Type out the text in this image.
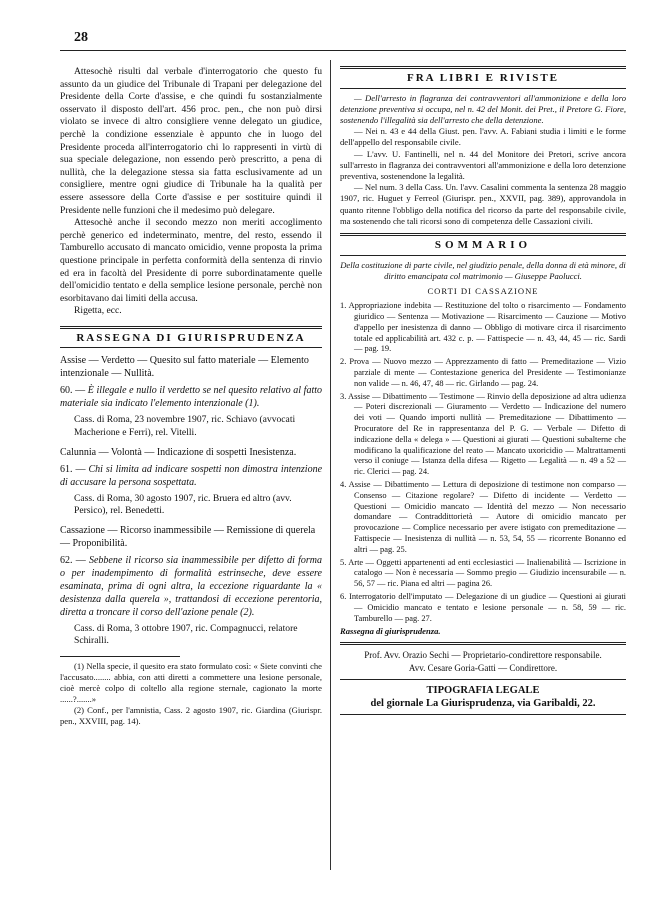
28

Attesochè risulti dal verbale d'interrogatorio che questo fu assunto da un giudice del Tribunale di Trapani per delegazione del Presidente della Corte d'assise, e che quindi fu sostanzialmente osservato il disposto dell'art. 456 proc. pen., che non può dirsi violato se invece di altro consigliere venne delegato un giudice, perchè la condizione essenziale è appunto che in luogo del Presidente proceda all'interrogatorio chi lo rappresenti in virtù di sua speciale delegazione, non essendo però prescritto, a pena di nullità, che la delegazione stessa sia fatta esclusivamente ad un consigliere, mentre ogni giudice di Tribunale ha la qualità per essere assessore della Corte d'assise e per sostituire quindi il Presidente nelle funzioni che il medesimo può delegare.

Attesochè anche il secondo mezzo non meriti accoglimento perchè generico ed indeterminato, mentre, del resto, essendo il Tamburello accusato di mancato omicidio, venne proposta la prima questione principale in perfetta conformità della sentenza di rinvio ed era in facoltà del Presidente di porre subordinatamente quelle dell'omicidio tentato e della semplice lesione personale, perchè non esorbitavano dai limiti della accusa.

Rigetta, ecc.

RASSEGNA DI GIURISPRUDENZA

Assise — Verdetto — Quesito sul fatto materiale — Elemento intenzionale — Nullità.

60. — È illegale e nullo il verdetto se nel quesito relativo al fatto materiale sia indicato l'elemento intenzionale (1).

Cass. di Roma, 23 novembre 1907, ric. Schiavo (avvocati Macherione e Ferri), rel. Vitelli.

Calunnia — Volontà — Indicazione di sospetti Inesistenza.

61. — Chi si limita ad indicare sospetti non dimostra intenzione di accusare la persona sospettata.

Cass. di Roma, 30 agosto 1907, ric. Bruera ed altro (avv. Persico), rel. Benedetti.

Cassazione — Ricorso inammessibile — Remissione di querela — Proponibilità.

62. — Sebbene il ricorso sia inammessibile per difetto di forma o per inadempimento di formalità estrinseche, deve essere esaminata, prima di ogni altra, la eccezione riguardante la « desistenza dalla querela », trattandosi di eccezione perentoria, diretta a troncare il corso dell'azione penale (2).

Cass. di Roma, 3 ottobre 1907, ric. Compagnucci, relatore Schiralli.

(1) Nella specie, il quesito era stato formulato così: « Siete convinti che l'accusato........ abbia, con atti diretti a commettere una lesione personale, cioè mercè colpo di coltello alla regione sternale, cagionato la morte ......?.......»

(2) Conf., per l'amnistia, Cass. 2 agosto 1907, ric. Giardina (Giurispr. pen., XXVIII, pag. 14).

FRA LIBRI E RIVISTE

— Dell'arresto in flagranza dei contravventori all'ammonizione e della loro detenzione preventiva si occupa, nel n. 42 del Monit. dei Pret., il Pretore G. Fiore, sostenendo l'illegalità sia dell'arresto che della detenzione.

— Nei n. 43 e 44 della Giust. pen. l'avv. A. Fabiani studia i limiti e le forme dell'appello del responsabile civile.

— L'avv. U. Fantinelli, nel n. 44 del Monitore dei Pretori, scrive ancora sull'arresto in flagranza dei contravventori all'ammonizione e della loro detenzione preventiva, sostenendone la legalità.

— Nel num. 3 della Cass. Un. l'avv. Casalini commenta la sentenza 28 maggio 1907, ric. Huguet y Ferreol (Giurispr. pen., XXVII, pag. 389), approvandola in quanto ritenne l'obbligo della notifica del ricorso da parte del responsabile civile, ma sostenendo che tali ricorsi sono di competenza delle Cassazioni civili.

SOMMARIO

Della costituzione di parte civile, nel giudizio penale, della donna di età minore, di diritto emancipata col matrimonio — Giuseppe Paolucci.

CORTI DI CASSAZIONE

1. Appropriazione indebita — Restituzione del tolto o risarcimento — Fondamento giuridico — Sentenza — Motivazione — Risarcimento — Cauzione — Motivo d'appello per inesistenza di danno — Obbligo di motivare circa il risarcimento totale ed applicabilità art. 432 c. p. — Fattispecie — n. 43, 44, 45 — ric. Sardi — pag. 19.

2. Prova — Nuovo mezzo — Apprezzamento di fatto — Premeditazione — Vizio parziale di mente — Contestazione generica del Presidente — Testimonianze non valide — n. 46, 47, 48 — ric. Girlando — pag. 24.

3. Assise — Dibattimento — Testimone — Rinvio della deposizione ad altra udienza — Poteri discrezionali — Giuramento — Verdetto — Indicazione del numero dei voti — Quando importi nullità — Premeditazione — Dibattimento — Procuratore del Re in rappresentanza del P. G. — Verbale — Difetto di indicazione della « delega » — Questioni ai giurati — Questioni subalterne che modificano la qualificazione del reato — Mancato uxoricidio — Maltrattamenti verso il coniuge — Istanza della difesa — Rigetto — Legalità — n. 49 a 52 — ric. Clerici — pag. 24.

4. Assise — Dibattimento — Lettura di deposizione di testimone non comparso — Consenso — Citazione regolare? — Difetto di incidente — Verdetto — Questioni — Omicidio mancato — Identità del mezzo — Non necessario domandare — Contraddittorietà — Autore di omicidio mancato per provocazione — Complice necessario per avere istigato con premeditazione — Fattispecie — Inesistenza di nullità — n. 53, 54, 55 — ricorrente Bonanno ed altri — pag. 25.

5. Arte — Oggetti appartenenti ad enti ecclesiastici — Inalienabilità — Iscrizione in catalogo — Non è necessaria — Sommo pregio — Giudizio incensurabile — n. 56, 57 — ric. Piana ed altri — pagina 26.

6. Interrogatorio dell'imputato — Delegazione di un giudice — Questioni ai giurati — Omicidio mancato e tentato e lesione personale — n. 58, 59 — ric. Tamburello — pag. 27.

Rassegna di giurisprudenza.

Prof. Avv. Orazio Sechi — Proprietario-condirettore responsabile.
Avv. Cesare Goria-Gatti — Condirettore.
TIPOGRAFIA LEGALE
del giornale La Giurisprudenza, via Garibaldi, 22.
